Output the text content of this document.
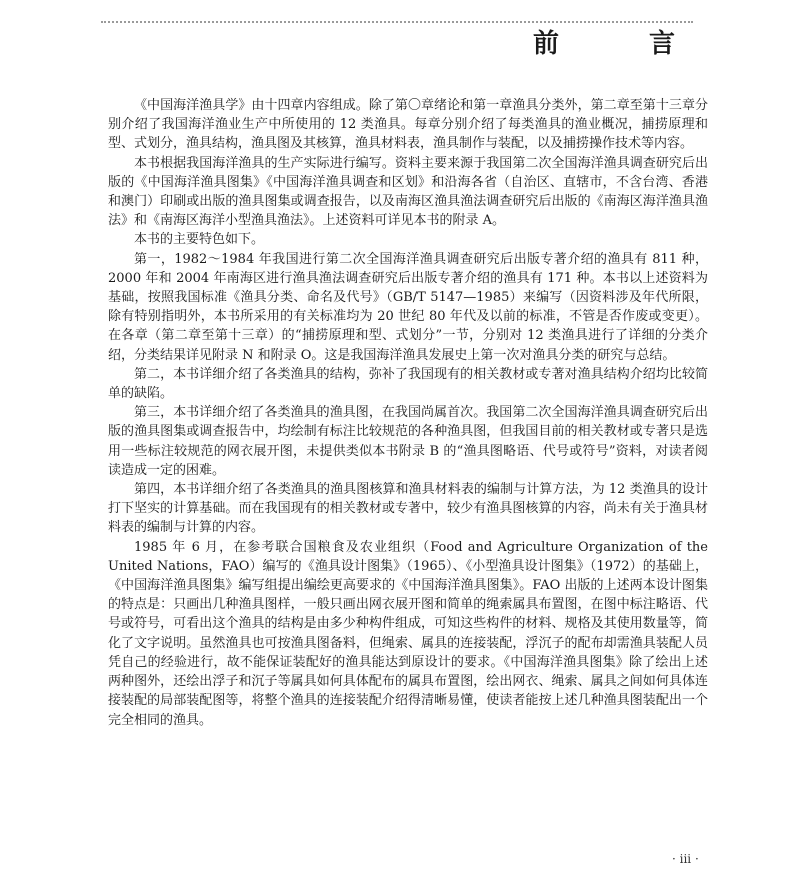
前　言

《中国海洋渔具学》由十四章内容组成。除了第〇章绪论和第一章渔具分类外，第二章至第十三章分别介绍了我国海洋渔业生产中所使用的 12 类渔具。每章分别介绍了每类渔具的渔业概况，捕捞原理和型、式划分，渔具结构，渔具图及其核算，渔具材料表，渔具制作与装配，以及捕捞操作技术等内容。

本书根据我国海洋渔具的生产实际进行编写。资料主要来源于我国第二次全国海洋渔具调查研究后出版的《中国海洋渔具图集》《中国海洋渔具调查和区划》和沿海各省（自治区、直辖市，不含台湾、香港和澳门）印刷或出版的渔具图集或调查报告，以及南海区渔具渔法调查研究后出版的《南海区海洋渔具渔法》和《南海区海洋小型渔具渔法》。上述资料可详见本书的附录 A。

本书的主要特色如下。

第一，1982～1984 年我国进行第二次全国海洋渔具调查研究后出版专著介绍的渔具有 811 种，2000 年和 2004 年南海区进行渔具渔法调查研究后出版专著介绍的渔具有 171 种。本书以上述资料为基础，按照我国标准《渔具分类、命名及代号》（GB/T 5147—1985）来编写（因资料涉及年代所限，除有特别指明外，本书所采用的有关标准均为 20 世纪 80 年代及以前的标准，不管是否作废或变更）。在各章（第二章至第十三章）的“捕捞原理和型、式划分”一节，分别对 12 类渔具进行了详细的分类介绍，分类结果详见附录 N 和附录 O。这是我国海洋渔具发展史上第一次对渔具分类的研究与总结。

第二，本书详细介绍了各类渔具的结构，弥补了我国现有的相关教材或专著对渔具结构介绍均比较简单的缺陷。

第三，本书详细介绍了各类渔具的渔具图，在我国尚属首次。我国第二次全国海洋渔具调查研究后出版的渔具图集或调查报告中，均绘制有标注比较规范的各种渔具图，但我国目前的相关教材或专著只是选用一些标注较规范的网衣展开图，未提供类似本书附录 B 的“渔具图略语、代号或符号”资料，对读者阅读造成一定的困难。

第四，本书详细介绍了各类渔具的渔具图核算和渔具材料表的编制与计算方法，为 12 类渔具的设计打下坚实的计算基础。而在我国现有的相关教材或专著中，较少有渔具图核算的内容，尚未有关于渔具材料表的编制与计算的内容。

1985 年 6 月，在参考联合国粮食及农业组织（Food and Agriculture Organization of the United Nations，FAO）编写的《渔具设计图集》（1965）、《小型渔具设计图集》（1972）的基础上，《中国海洋渔具图集》编写组提出编绘更高要求的《中国海洋渔具图集》。FAO 出版的上述两本设计图集的特点是：只画出几种渔具图样，一般只画出网衣展开图和简单的绳索属具布置图，在图中标注略语、代号或符号，可看出这个渔具的结构是由多少种构件组成，可知这些构件的材料、规格及其使用数量等，简化了文字说明。虽然渔具也可按渔具图备料，但绳索、属具的连接装配，浮沉子的配布却需渔具装配人员凭自己的经验进行，故不能保证装配好的渔具能达到原设计的要求。《中国海洋渔具图集》除了绘出上述两种图外，还绘出浮子和沉子等属具如何具体配布的属具布置图，绘出网衣、绳索、属具之间如何具体连接装配的局部装配图等，将整个渔具的连接装配介绍得清晰易懂，使读者能按上述几种渔具图装配出一个完全相同的渔具。

· iii ·
